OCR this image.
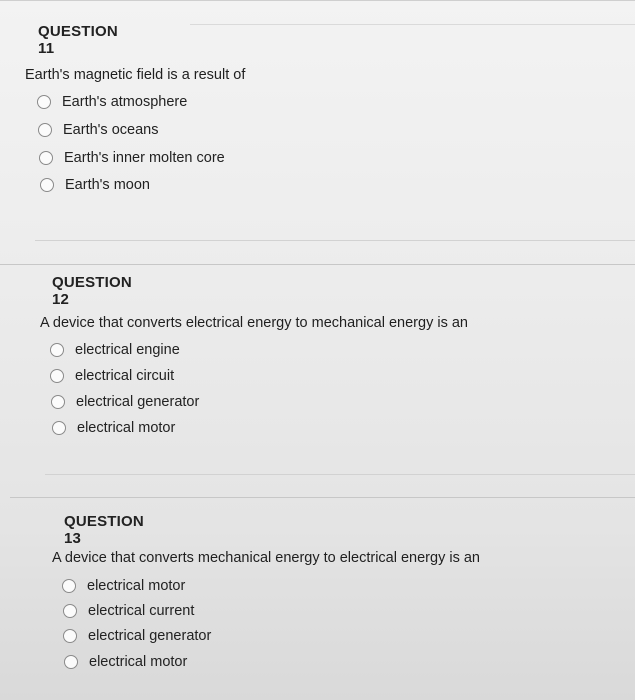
QUESTION 11
Earth's magnetic field is a result of
Earth's atmosphere
Earth's oceans
Earth's inner molten core
Earth's moon
QUESTION 12
A device that converts electrical energy to mechanical energy is an
electrical engine
electrical circuit
electrical generator
electrical motor
QUESTION 13
A device that converts mechanical energy to electrical energy is an
electrical motor
electrical current
electrical generator
electrical motor
